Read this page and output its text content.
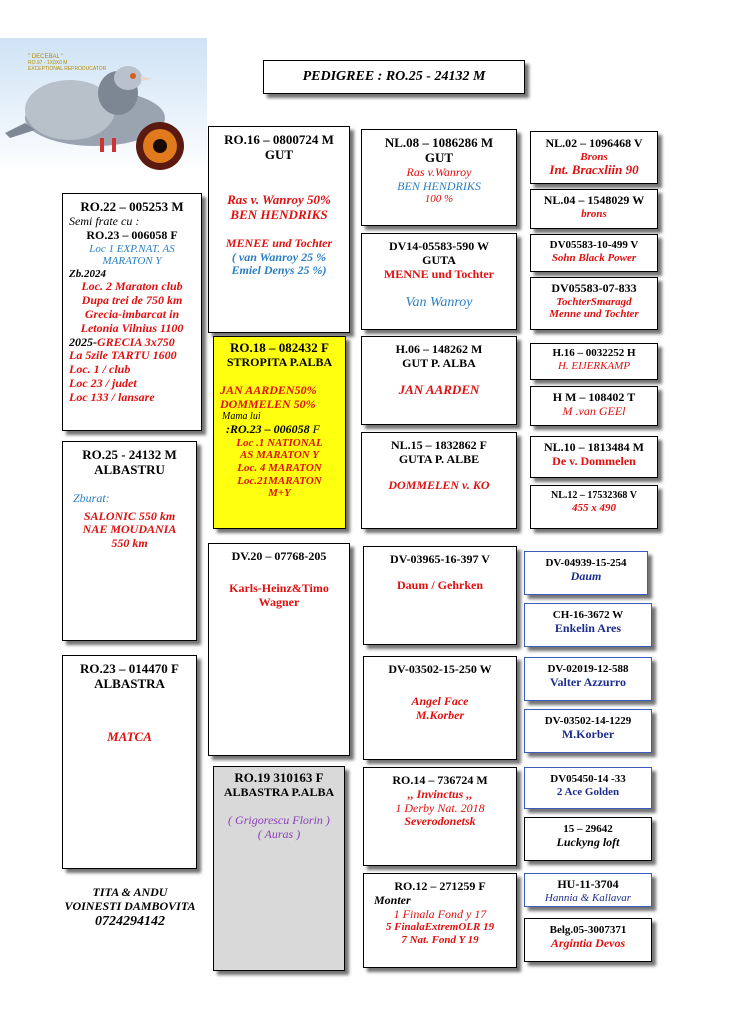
" DECEBAL "
RO.97 - 1X0X0 M
EXCEPTIONAL REPRODUCATOR
PEDIGREE : RO.25 - 24132 M
RO.22 – 005253 M
Semi frate cu :
RO.23 – 006058 F
Loc 1 EXP.NAT. AS
MARATON Y
Zb.2024
Loc. 2 Maraton club
Dupa trei de 750 km
Grecia-imbarcat in
Letonia Vilnius 1100
2025-GRECIA 3x750
La 5zile TARTU 1600
Loc. 1 / club
Loc 23 / judet
Loc 133 / lansare
RO.25 - 24132 M
ALBASTRU
Zburat:
SALONIC 550 km
NAE MOUDANIA
550 km
RO.23 – 014470 F
ALBASTRA
MATCA
TITA & ANDU
VOINESTI DAMBOVITA
0724294142
RO.16 – 0800724 M
GUT
Ras v. Wanroy 50%
BEN HENDRIKS
MENEE und Tochter
( van Wanroy 25 %
Emiel Denys 25 %)
RO.18 – 082432 F
STROPITA P.ALBA
JAN AARDEN50%
DOMMELEN 50%
Mama lui
:RO.23 – 006058 F
Loc .1 NATIONAL
AS MARATON Y
Loc. 4 MARATON
Loc.21MARATON
M+Y
DV.20 – 07768-205
Karls-Heinz&Timo
Wagner
RO.19 310163 F
ALBASTRA P.ALBA
( Grigorescu Florin )
( Auras )
NL.08 – 1086286 M
GUT
Ras v.Wanroy
BEN HENDRIKS
100 %
DV14-05583-590 W
GUTA
MENNE und Tochter
Van Wanroy
H.06 – 148262 M
GUT P. ALBA
JAN AARDEN
NL.15 – 1832862 F
GUTA P. ALBE
DOMMELEN v. KO
DV-03965-16-397 V
Daum / Gehrken
DV-03502-15-250 W
Angel Face
M.Korber
RO.14 – 736724 M
,, Invinctus ,,
1 Derby Nat. 2018
Severodonetsk
RO.12 – 271259 F
Monter
1 Finala Fond y 17
5 FinalaExtremOLR 19
7 Nat. Fond Y 19
NL.02 – 1096468 V
Brons
Int. Bracxliin 90
NL.04 – 1548029 W
brons
DV05583-10-499 V
Sohn Black Power
DV05583-07-833
TochterSmaragd
Menne und Tochter
H.16 – 0032252 H
H. EIJERKAMP
H M – 108402 T
M .van GEEl
NL.10 – 1813484 M
De v. Dommelen
NL.12 – 17532368 V
455 x 490
DV-04939-15-254
Daum
CH-16-3672 W
Enkelin Ares
DV-02019-12-588
Valter Azzurro
DV-03502-14-1229
M.Korber
DV05450-14 -33
2 Ace Golden
15 – 29642
Luckyng loft
HU-11-3704
Hannia & Kallavar
Belg.05-3007371
Argintia Devos
